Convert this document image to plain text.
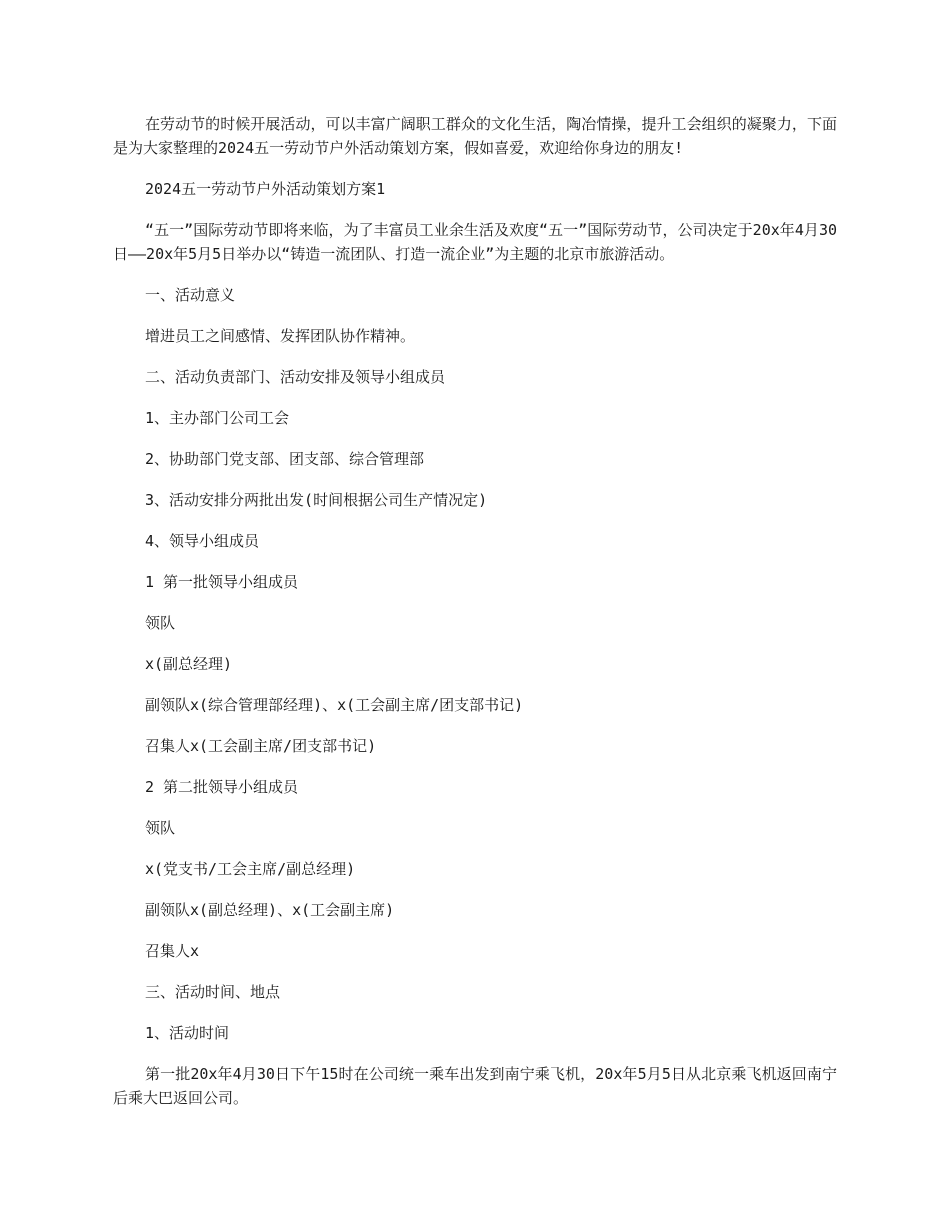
在劳动节的时候开展活动，可以丰富广阔职工群众的文化生活，陶冶情操，提升工会组织的凝聚力，下面是为大家整理的2024五一劳动节户外活动策划方案，假如喜爱，欢迎给你身边的朋友!

2024五一劳动节户外活动策划方案1

“五一”国际劳动节即将来临，为了丰富员工业余生活及欢度“五一”国际劳动节，公司决定于20x年4月30日——20x年5月5日举办以“铸造一流团队、打造一流企业”为主题的北京市旅游活动。

一、活动意义

增进员工之间感情、发挥团队协作精神。

二、活动负责部门、活动安排及领导小组成员

1、主办部门公司工会

2、协助部门党支部、团支部、综合管理部

3、活动安排分两批出发(时间根据公司生产情况定)

4、领导小组成员

1 第一批领导小组成员

领队

x(副总经理)

副领队x(综合管理部经理)、x(工会副主席/团支部书记)

召集人x(工会副主席/团支部书记)

2 第二批领导小组成员

领队

x(党支书/工会主席/副总经理)

副领队x(副总经理)、x(工会副主席)

召集人x

三、活动时间、地点

1、活动时间

第一批20x年4月30日下午15时在公司统一乘车出发到南宁乘飞机，20x年5月5日从北京乘飞机返回南宁后乘大巴返回公司。
